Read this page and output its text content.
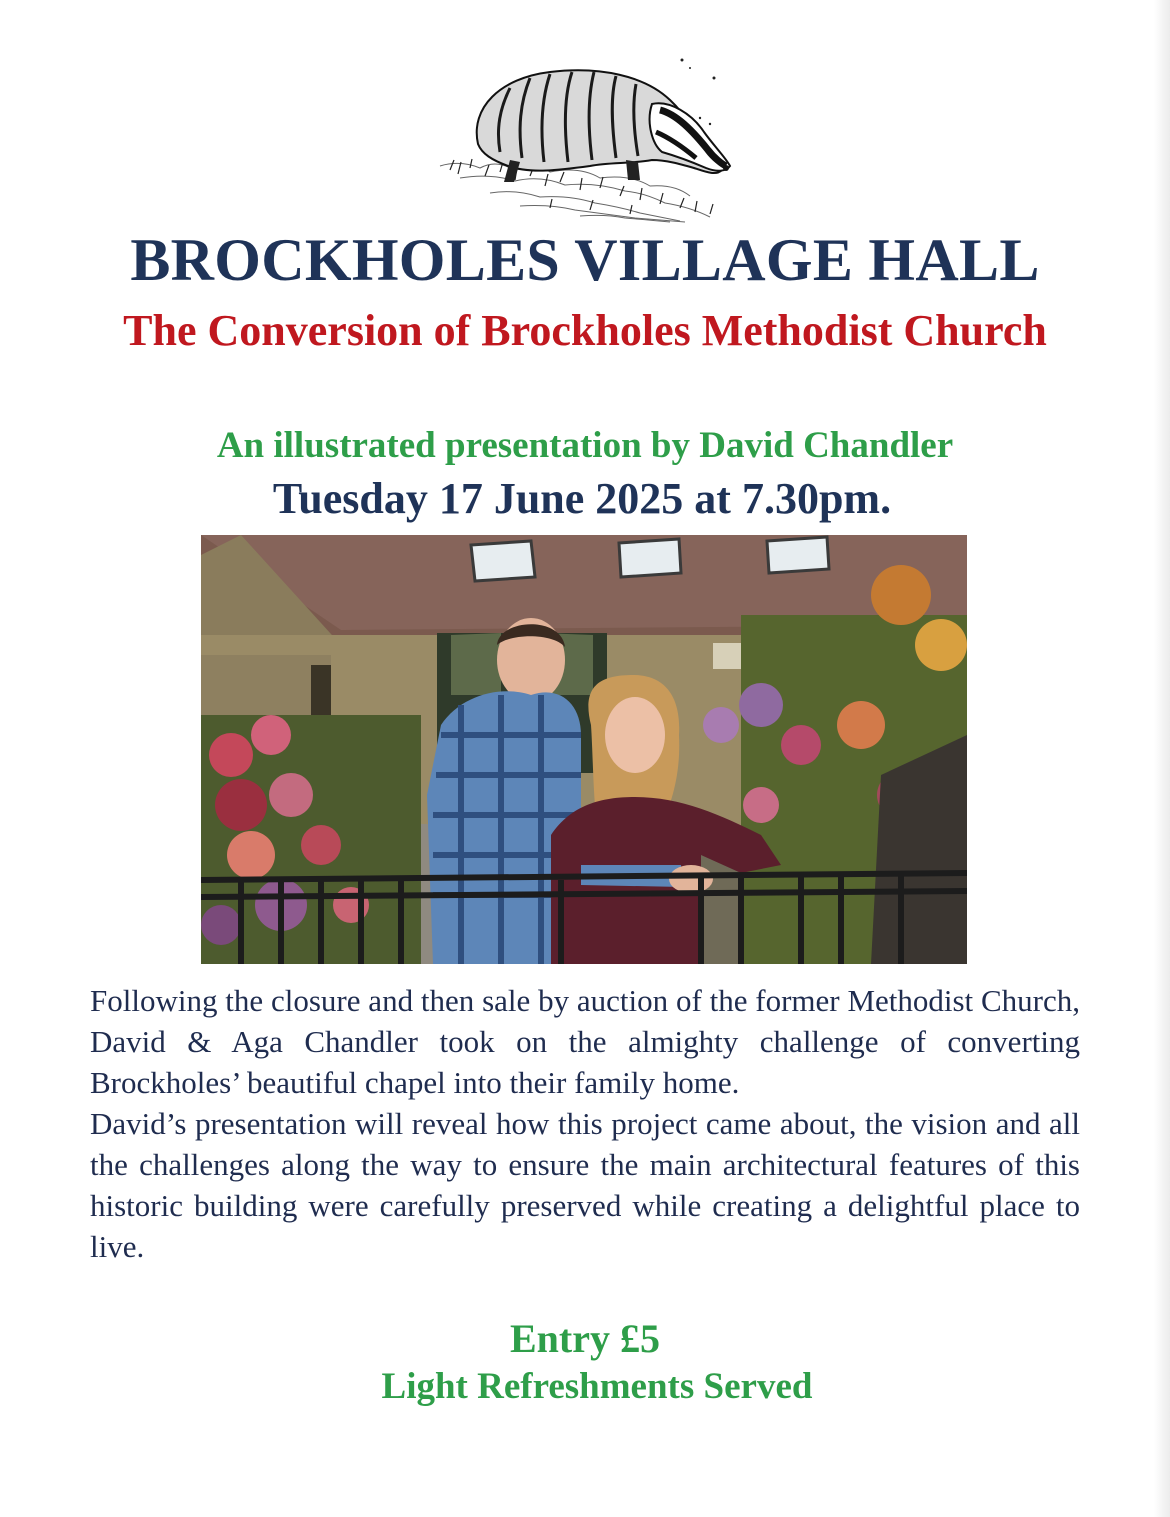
BROCKHOLES VILLAGE HALL
The Conversion of Brockholes Methodist Church
An illustrated presentation by David Chandler
Tuesday 17 June 2025 at 7.30pm.

Following the closure and then sale by auction of the former Methodist Church, David & Aga Chandler took on the almighty challenge of converting Brockholes’ beautiful chapel into their family home.

David’s presentation will reveal how this project came about, the vision and all the challenges along the way to ensure the main architectural features of this historic building were carefully preserved while creating a delightful place to live.

Entry £5
Light Refreshments Served
